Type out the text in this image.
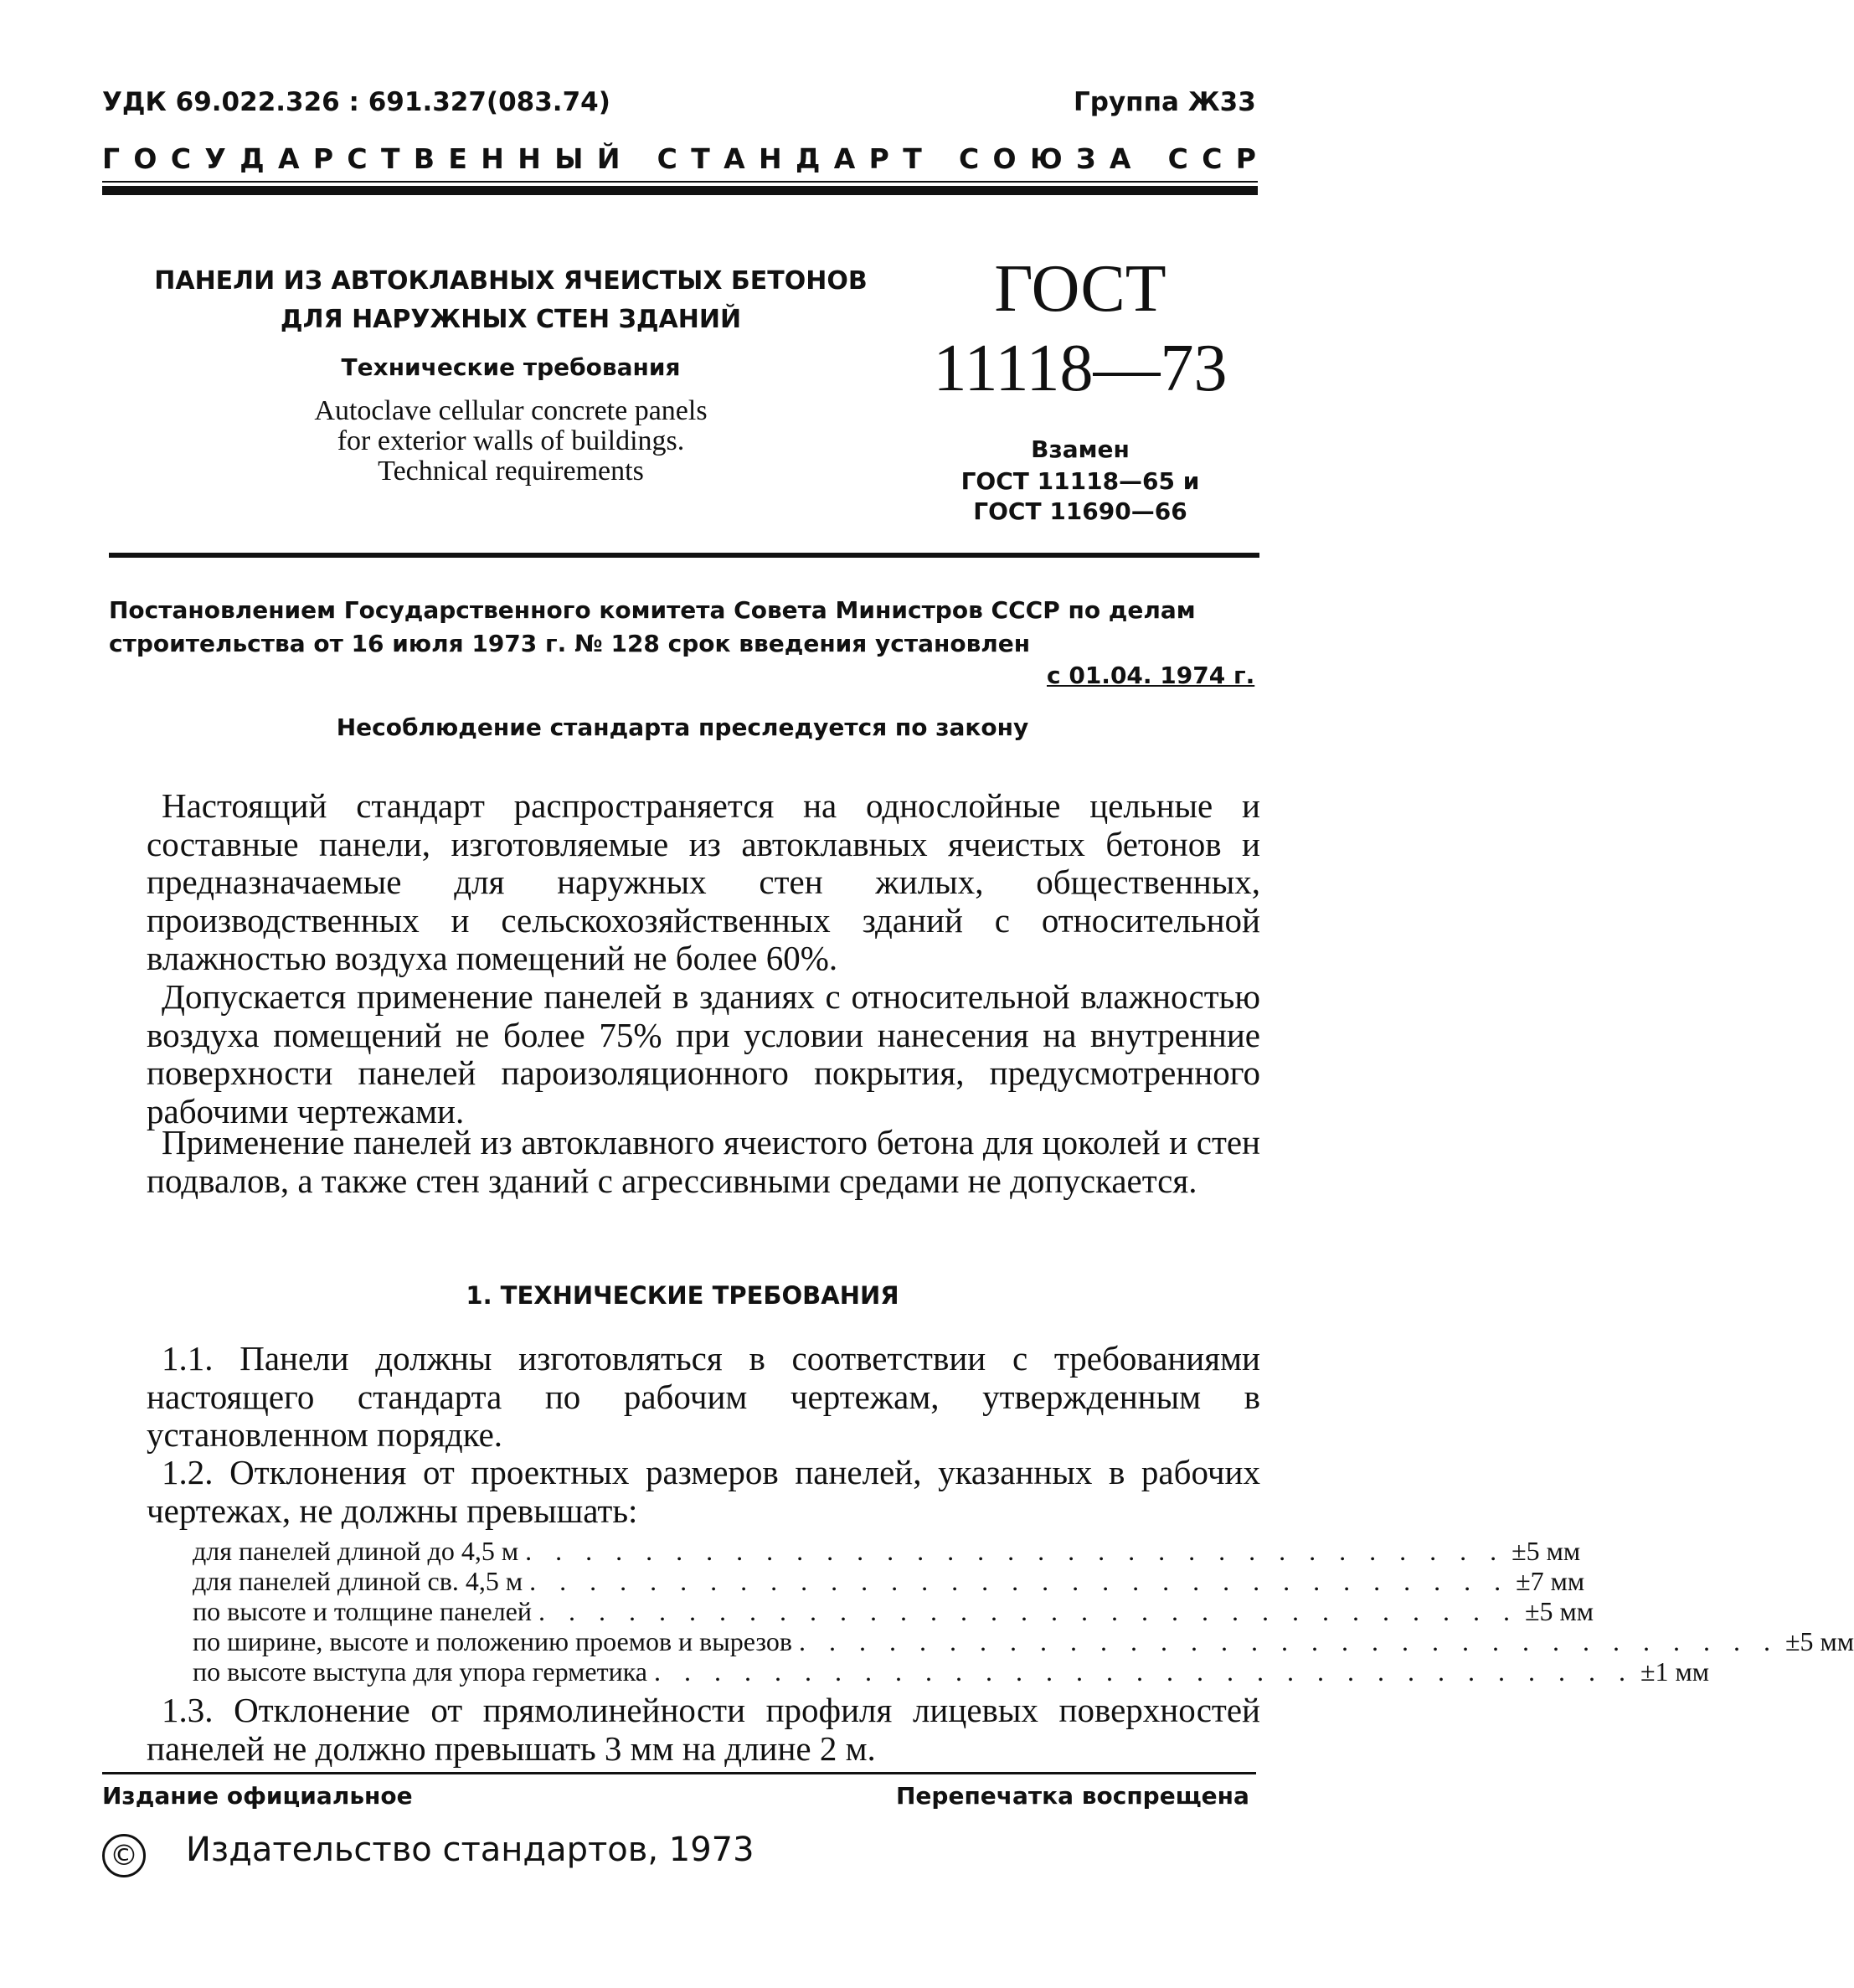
УДК 69.022.326 : 691.327(083.74)	Группа Ж33
Г О С У Д А Р С Т В Е Н Н Ы Й
С Т А Н Д А Р Т
С О Ю З А
С С Р
ПАНЕЛИ ИЗ АВТОКЛАВНЫХ ЯЧЕИСТЫХ БЕТОНОВ
ДЛЯ НАРУЖНЫХ СТЕН ЗДАНИЙ
Технические требования
Autoclave cellular concrete panels
for exterior walls of buildings.
Technical requirements
ГОСТ
11118—73
Взамен
ГОСТ 11118—65 и
ГОСТ 11690—66
Постановлением Государственного комитета Совета Министров СССР по делам
строительства от 16 июля 1973 г. № 128 срок введения установлен
с 01.04. 1974 г.
Несоблюдение стандарта преследуется по закону
Настоящий стандарт распространяется на однослойные цельные и составные панели, изготовляемые из автоклавных ячеистых бетонов и предназначаемые для наружных стен жилых, общественных, производственных и сельскохозяйственных зданий с относительной влажностью воздуха помещений не более 60%.
Допускается применение панелей в зданиях с относительной влажностью воздуха помещений не более 75% при условии нанесения на внутренние поверхности панелей пароизоляционного покрытия, предусмотренного рабочими чертежами.
Применение панелей из автоклавного ячеистого бетона для цоколей и стен подвалов, а также стен зданий с агрессивными средами не допускается.
1. ТЕХНИЧЕСКИЕ ТРЕБОВАНИЯ
1.1. Панели должны изготовляться в соответствии с требованиями настоящего стандарта по рабочим чертежам, утвержденным в установленном порядке.
1.2. Отклонения от проектных размеров панелей, указанных в рабочих чертежах, не должны превышать:
для панелей длиной до 4,5 м . . . . . . . . . . . . . . . . . . . . . . . . . . . . . . . . . ±5 мм
для панелей длиной св. 4,5 м . . . . . . . . . . . . . . . . . . . . . . . . . . . . . . . . . ±7 мм
по высоте и толщине панелей . . . . . . . . . . . . . . . . . . . . . . . . . . . . . . . . . ±5 мм
по ширине, высоте и положению проемов и вырезов . . . . . . . . . . . . . . . . . . . . . . . . . . . . . . . . . ±5 мм
по высоте выступа для упора герметика . . . . . . . . . . . . . . . . . . . . . . . . . . . . . . . . . ±1 мм
1.3. Отклонение от прямолинейности профиля лицевых поверхностей панелей не должно превышать 3 мм на длине 2 м.
Издание официальное	Перепечатка воспрещена
© Издательство стандартов, 1973
